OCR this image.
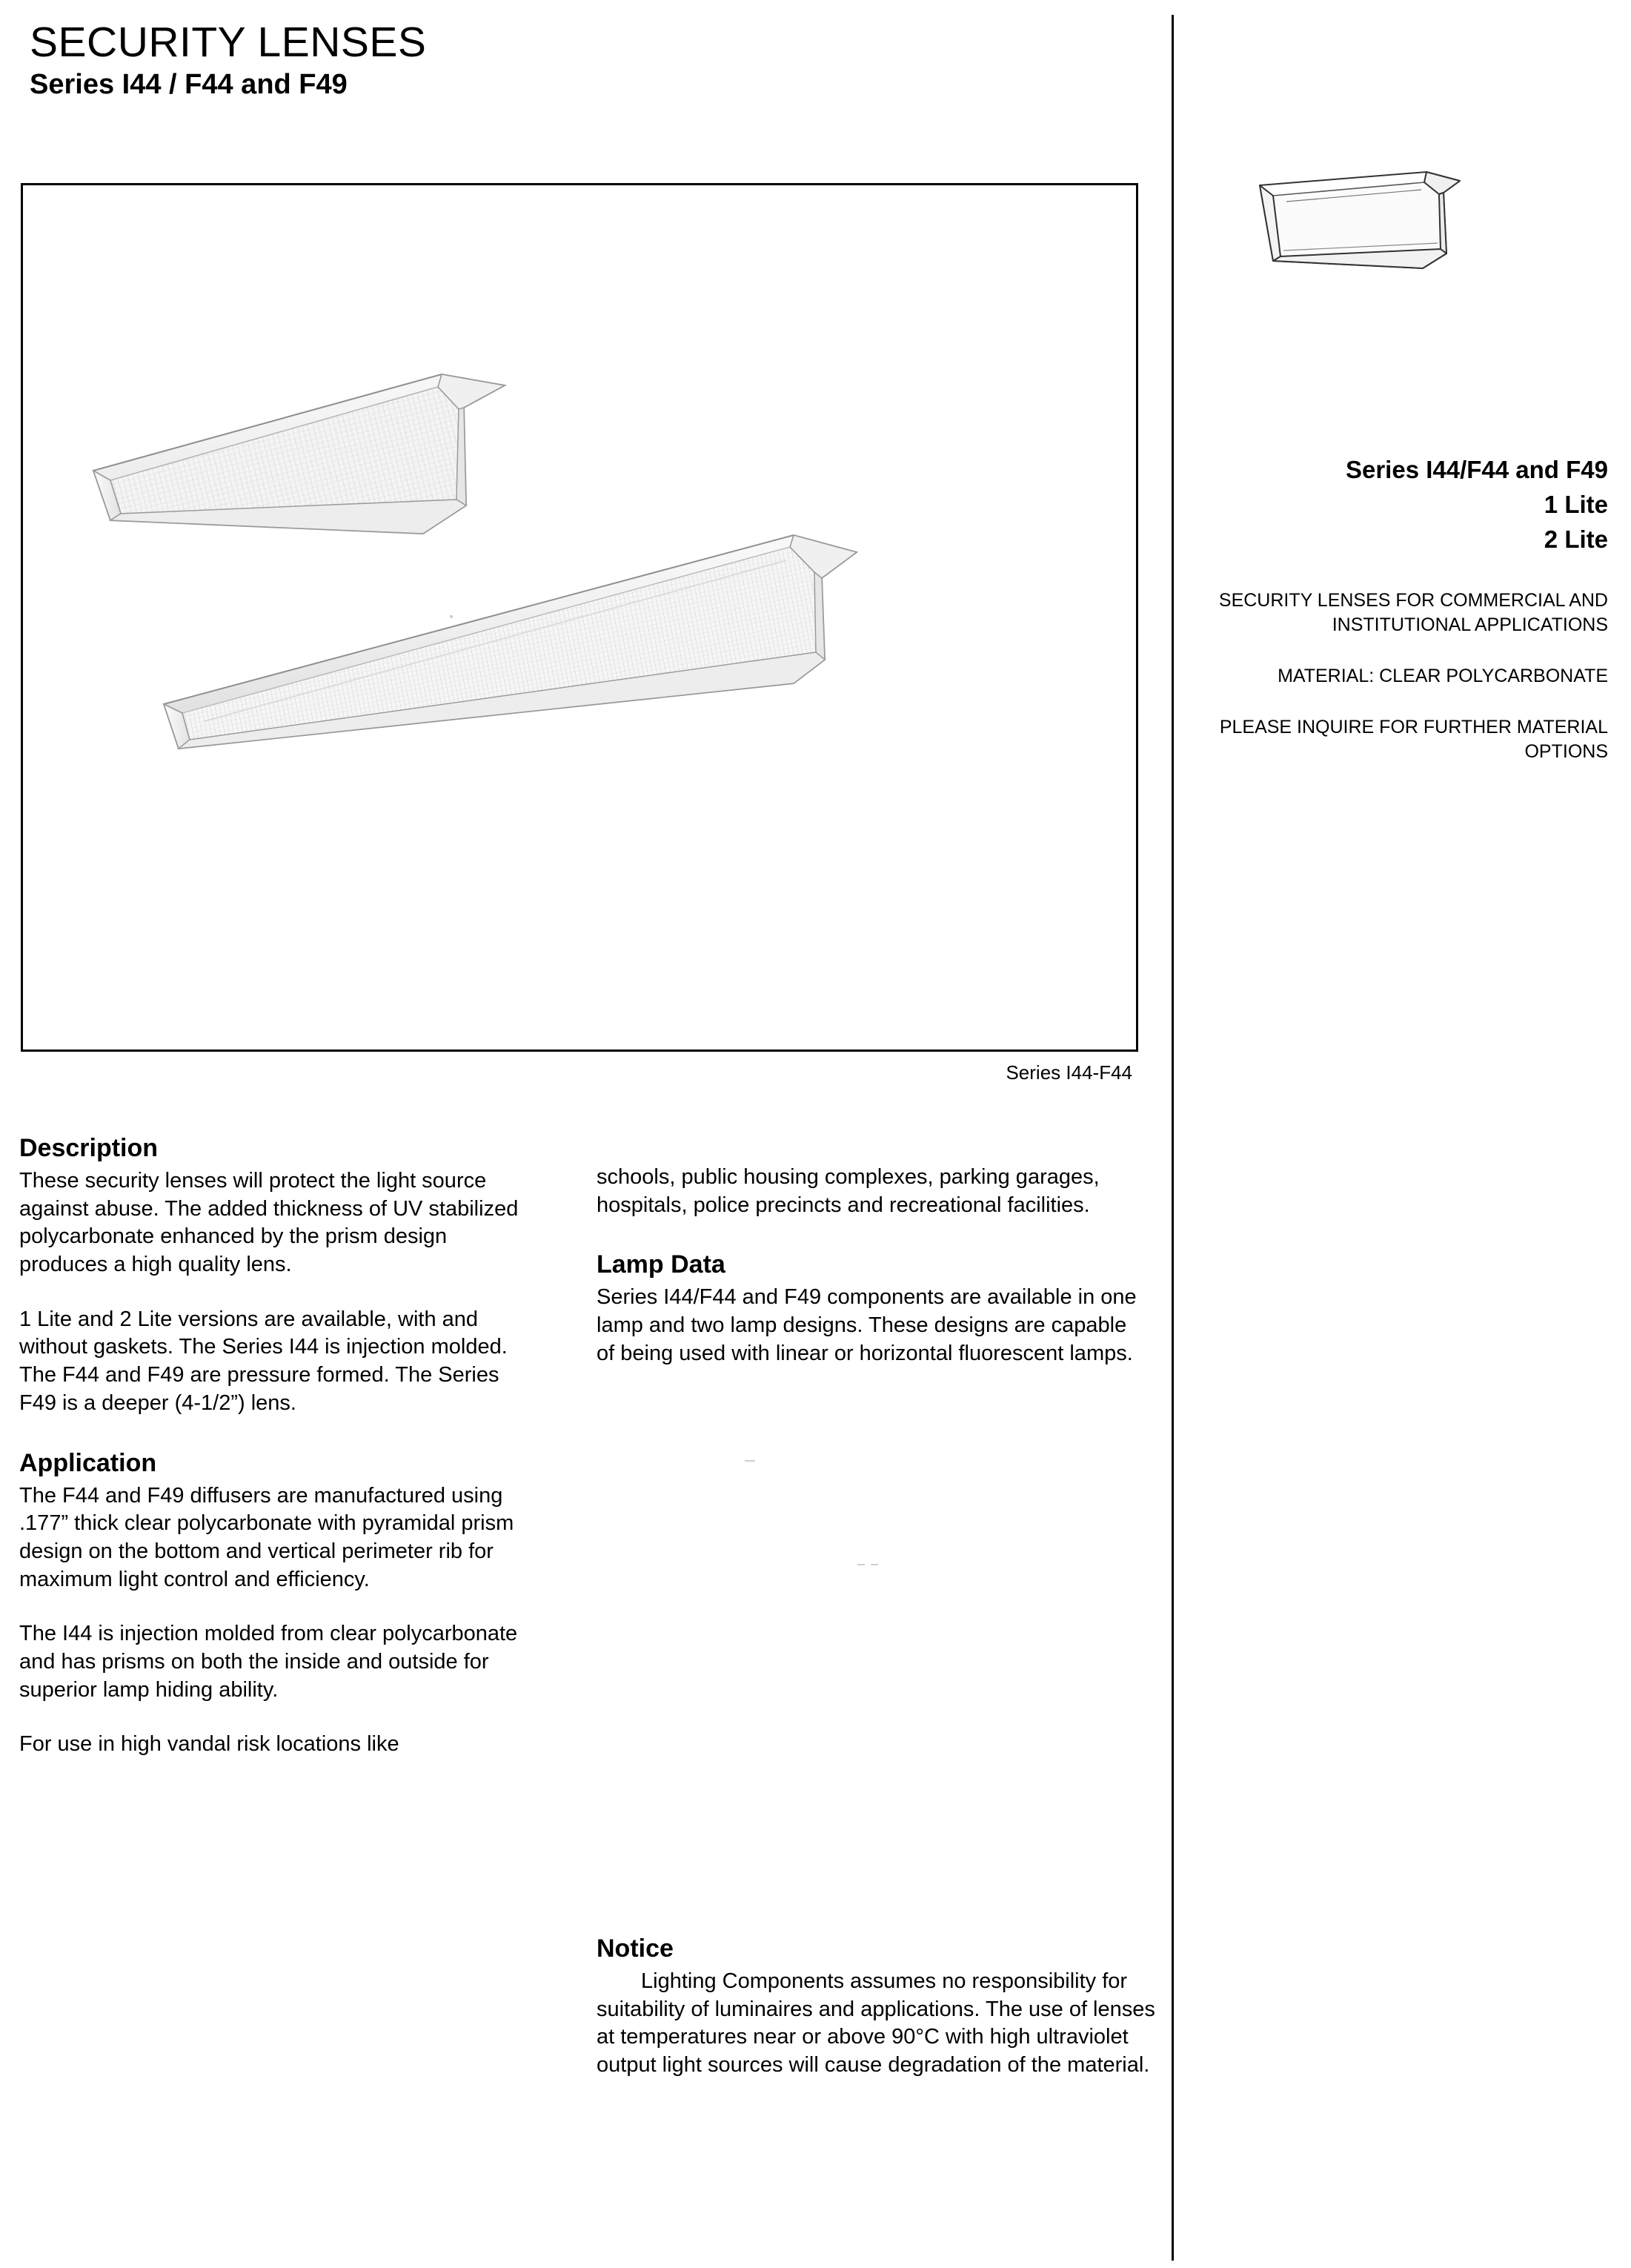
SECURITY LENSES
Series I44 / F44 and F49
Series I44-F44
Series I44/F44 and F49
1 Lite
2 Lite
SECURITY LENSES FOR COMMERCIAL AND INSTITUTIONAL APPLICATIONS
MATERIAL: CLEAR POLYCARBONATE
PLEASE INQUIRE FOR FURTHER MATERIAL OPTIONS
Description

These security lenses will protect the light source against abuse. The added thickness of UV stabilized polycarbonate enhanced by the prism design produces a high quality lens.

1 Lite and 2 Lite versions are available, with and without gaskets. The Series I44 is injection molded. The F44 and F49 are pressure formed. The Series F49 is a deeper (4-1/2”) lens.

Application

The F44 and F49 diffusers are manufactured using .177” thick clear polycarbonate with pyramidal prism design on the bottom and vertical perimeter rib for maximum light control and efficiency.

The I44 is injection molded from clear polycarbonate and has prisms on both the inside and outside for superior lamp hiding ability.

For use in high vandal risk locations like

schools, public housing complexes, parking garages, hospitals, police precincts and recreational facilities.

Lamp Data

Series I44/F44 and F49 components are available in one lamp and two lamp designs. These designs are capable of being used with linear or horizontal fluorescent lamps.

Notice

Lighting Components assumes no responsibility for suitability of luminaires and applications. The use of lenses at temperatures near or above 90°C with high ultraviolet output light sources will cause degradation of the material.
